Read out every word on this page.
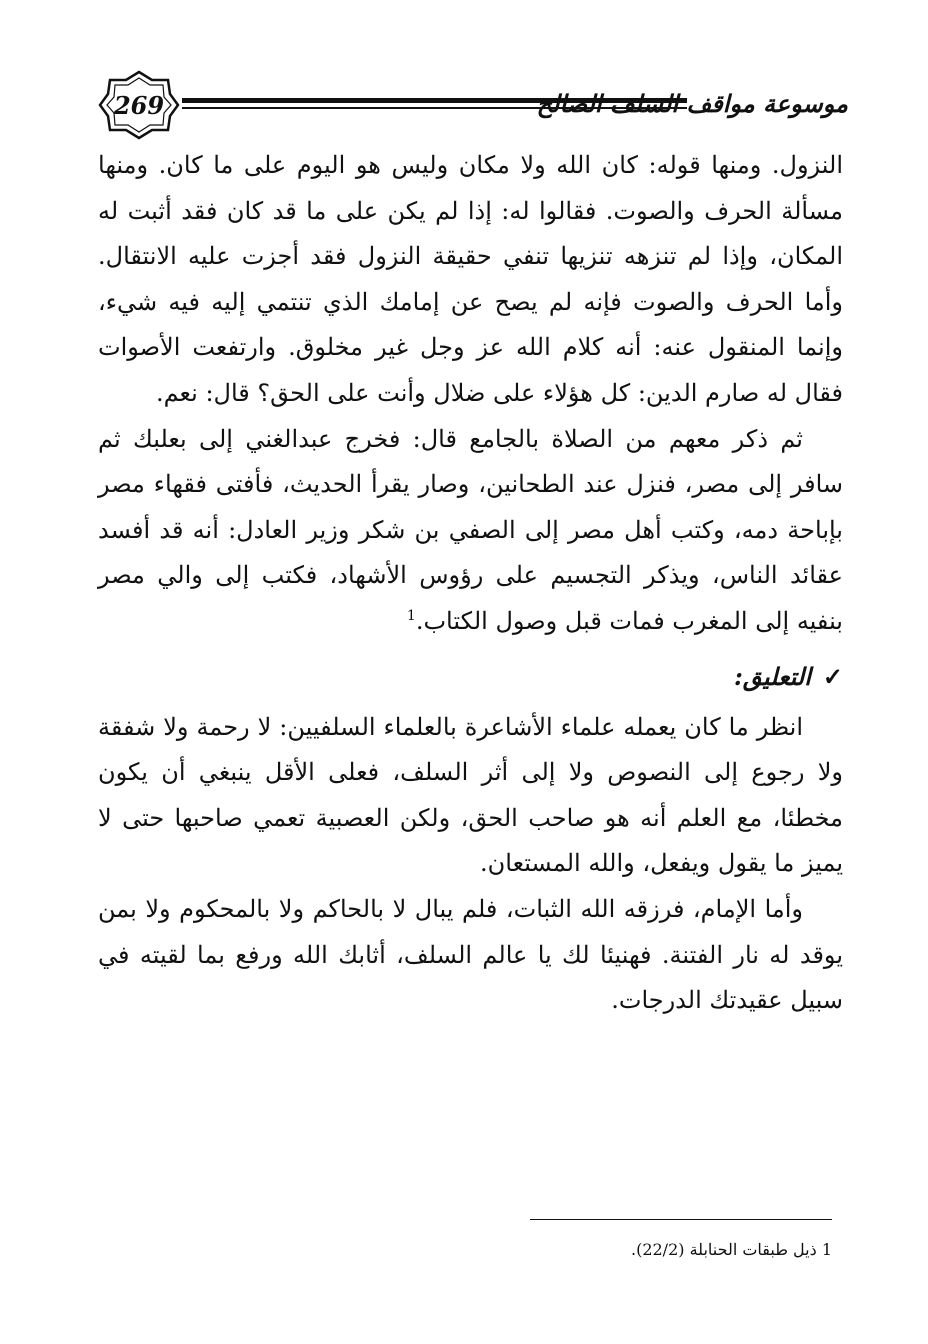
269	موسوعة مواقف السلف الصالح

النزول. ومنها قوله: كان الله ولا مكان وليس هو اليوم على ما كان. ومنها مسألة الحرف والصوت. فقالوا له: إذا لم يكن على ما قد كان فقد أثبت له المكان، وإذا لم تنزهه تنزيها تنفي حقيقة النزول فقد أجزت عليه الانتقال. وأما الحرف والصوت فإنه لم يصح عن إمامك الذي تنتمي إليه فيه شيء، وإنما المنقول عنه: أنه كلام الله عز وجل غير مخلوق. وارتفعت الأصوات فقال له صارم الدين: كل هؤلاء على ضلال وأنت على الحق؟ قال: نعم.

ثم ذكر معهم من الصلاة بالجامع قال: فخرج عبدالغني إلى بعلبك ثم سافر إلى مصر، فنزل عند الطحانين، وصار يقرأ الحديث، فأفتى فقهاء مصر بإباحة دمه، وكتب أهل مصر إلى الصفي بن شكر وزير العادل: أنه قد أفسد عقائد الناس، ويذكر التجسيم على رؤوس الأشهاد، فكتب إلى والي مصر بنفيه إلى المغرب فمات قبل وصول الكتاب.$^1$

✓التعليق:

انظر ما كان يعمله علماء الأشاعرة بالعلماء السلفيين: لا رحمة ولا شفقة ولا رجوع إلى النصوص ولا إلى أثر السلف، فعلى الأقل ينبغي أن يكون مخطئا، مع العلم أنه هو صاحب الحق، ولكن العصبية تعمي صاحبها حتى لا يميز ما يقول ويفعل، والله المستعان.

وأما الإمام، فرزقه الله الثبات، فلم يبال لا بالحاكم ولا بالمحكوم ولا بمن يوقد له نار الفتنة. فهنيئا لك يا عالم السلف، أثابك الله ورفع بما لقيته في سبيل عقيدتك الدرجات.

1 ذيل طبقات الحنابلة (22/2).
